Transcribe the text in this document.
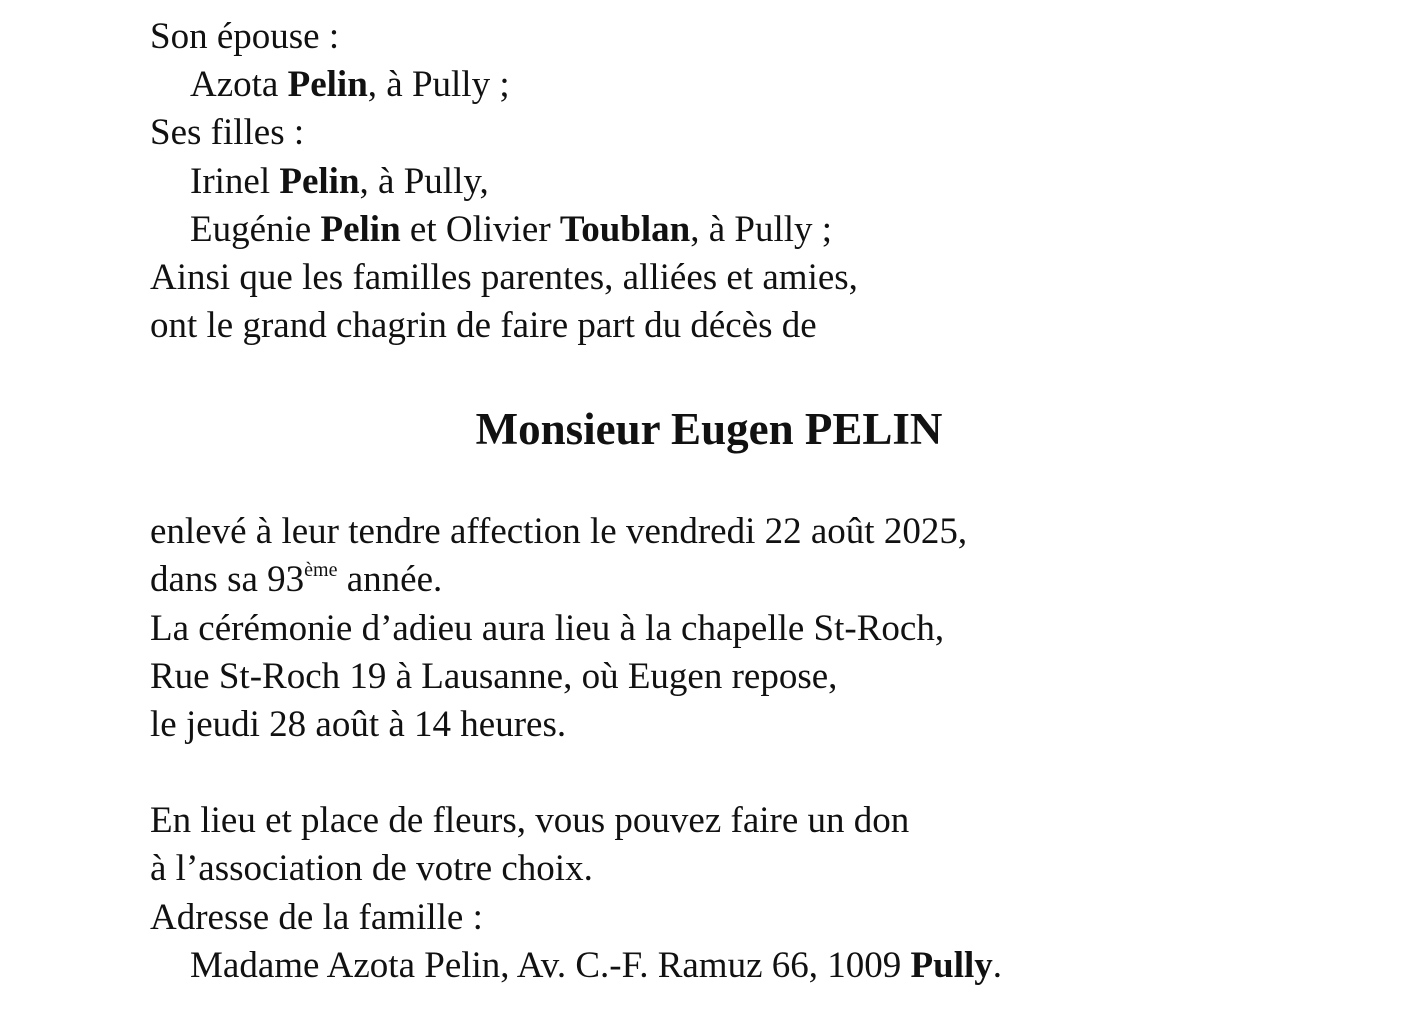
Son épouse :
Azota Pelin, à Pully ;
Ses filles :
Irinel Pelin, à Pully,
Eugénie Pelin et Olivier Toublan, à Pully ;
Ainsi que les familles parentes, alliées et amies,
ont le grand chagrin de faire part du décès de
Monsieur Eugen PELIN
enlevé à leur tendre affection le vendredi 22 août 2025,
dans sa 93ème année.
La cérémonie d’adieu aura lieu à la chapelle St-Roch,
Rue St-Roch 19 à Lausanne, où Eugen repose,
le jeudi 28 août à 14 heures.
En lieu et place de fleurs, vous pouvez faire un don
à l’association de votre choix.
Adresse de la famille :
Madame Azota Pelin, Av. C.-F. Ramuz 66, 1009 Pully.
